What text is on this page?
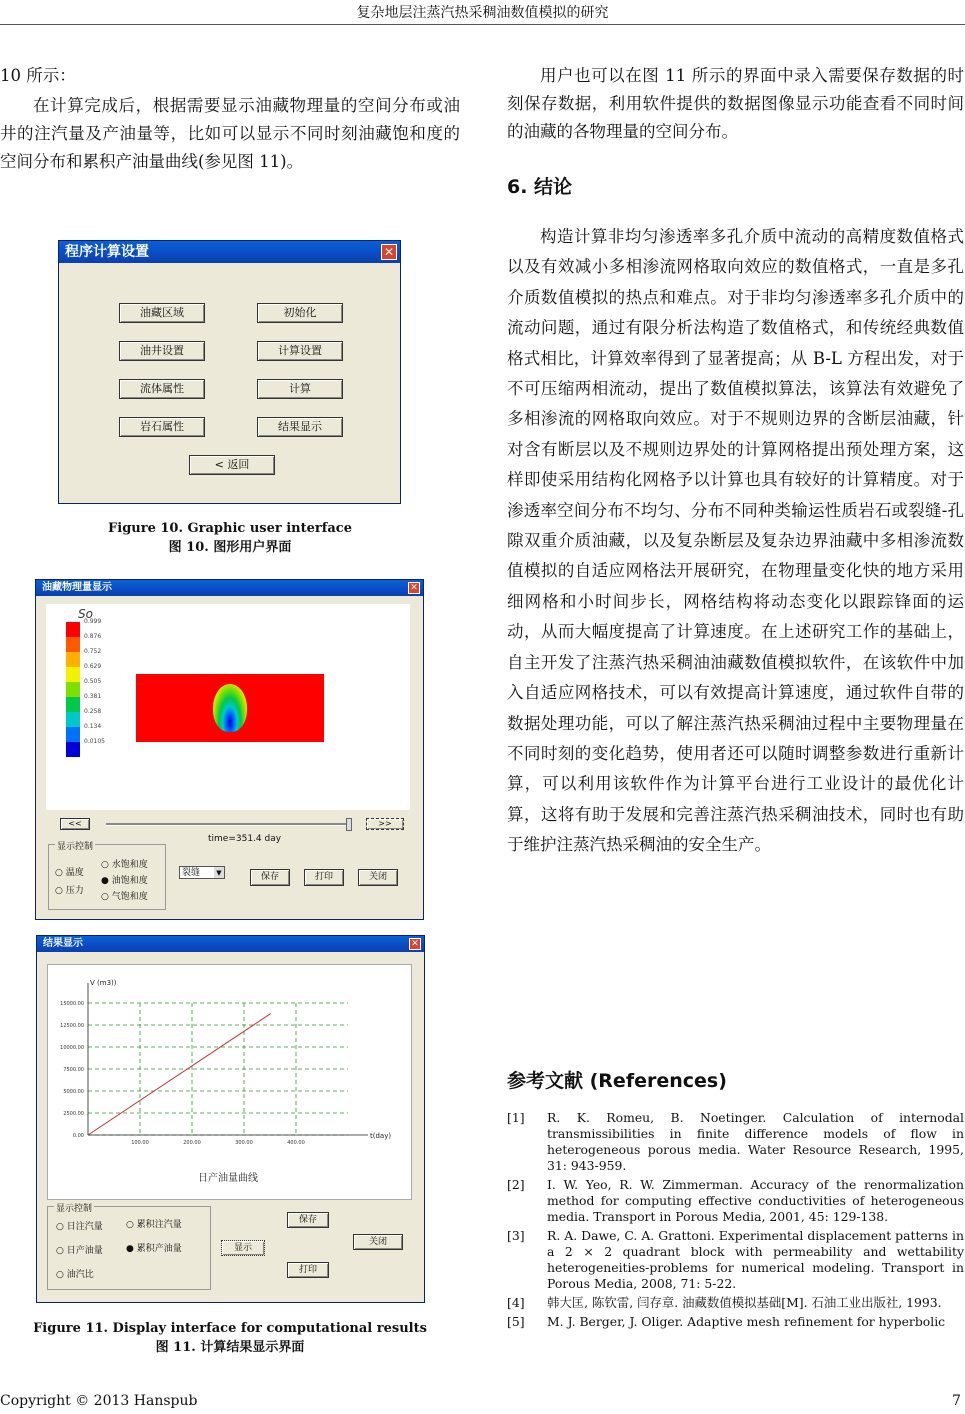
复杂地层注蒸汽热采稠油数值模拟的研究

10 所示：

在计算完成后，根据需要显示油藏物理量的空间分布或油井的注汽量及产油量等，比如可以显示不同时刻油藏饱和度的空间分布和累积产油量曲线(参见图 11)。

程序计算设置	✕
油藏区域	初始化
油井设置	计算设置
流体属性	计算
岩石属性	结果显示
< 返回
Figure 10. Graphic user interface
图 10. 图形用户界面
油藏物理量显示	✕
So
0.999
0.876
0.752
0.629
0.505
0.381
0.258
0.134
0.0105
<<	>>
time=351.4 day
显示控制
○ 温度
○ 压力
○ 水饱和度
● 油饱和度
○ 气饱和度
裂缝	▼	保存	打印	关闭
结果显示	✕
0.00
2500.00
5000.00
7500.00
10000.00
12500.00
15000.00
100.00	200.00	300.00	400.00
V (m3))
t(day)
日产油量曲线
显示控制
○ 日注汽量	○ 累积注汽量
○ 日产油量	● 累积产油量
○ 油汽比
显示
保存
打印
关闭
Figure 11. Display interface for computational results
图 11. 计算结果显示界面

用户也可以在图 11 所示的界面中录入需要保存数据的时刻保存数据，利用软件提供的数据图像显示功能查看不同时间的油藏的各物理量的空间分布。

6. 结论

构造计算非均匀渗透率多孔介质中流动的高精度数值格式以及有效减小多相渗流网格取向效应的数值格式，一直是多孔介质数值模拟的热点和难点。对于非均匀渗透率多孔介质中的流动问题，通过有限分析法构造了数值格式，和传统经典数值格式相比，计算效率得到了显著提高；从 B-L 方程出发，对于不可压缩两相流动，提出了数值模拟算法，该算法有效避免了多相渗流的网格取向效应。对于不规则边界的含断层油藏，针对含有断层以及不规则边界处的计算网格提出预处理方案，这样即使采用结构化网格予以计算也具有较好的计算精度。对于渗透率空间分布不均匀、分布不同种类输运性质岩石或裂缝-孔隙双重介质油藏，以及复杂断层及复杂边界油藏中多相渗流数值模拟的自适应网格法开展研究，在物理量变化快的地方采用细网格和小时间步长，网格结构将动态变化以跟踪锋面的运动，从而大幅度提高了计算速度。在上述研究工作的基础上，自主开发了注蒸汽热采稠油油藏数值模拟软件，在该软件中加入自适应网格技术，可以有效提高计算速度，通过软件自带的数据处理功能，可以了解注蒸汽热采稠油过程中主要物理量在不同时刻的变化趋势，使用者还可以随时调整参数进行重新计算，可以利用该软件作为计算平台进行工业设计的最优化计算，这将有助于发展和完善注蒸汽热采稠油技术，同时也有助于维护注蒸汽热采稠油的安全生产。

参考文献 (References)
[1] R. K. Romeu, B. Noetinger. Calculation of internodal transmissibilities in finite difference models of flow in heterogeneous porous media. Water Resource Research, 1995, 31: 943-959.
[2] I. W. Yeo, R. W. Zimmerman. Accuracy of the renormalization method for computing effective conductivities of heterogeneous media. Transport in Porous Media, 2001, 45: 129-138.
[3] R. A. Dawe, C. A. Grattoni. Experimental displacement patterns in a 2 × 2 quadrant block with permeability and wettability heterogeneities-problems for numerical modeling. Transport in Porous Media, 2008, 71: 5-22.
[4] 韩大匡, 陈钦雷, 闫存章. 油藏数值模拟基础[M]. 石油工业出版社, 1993.
[5] M. J. Berger, J. Oliger. Adaptive mesh refinement for hyperbolic
Copyright © 2013 Hanspub	7
